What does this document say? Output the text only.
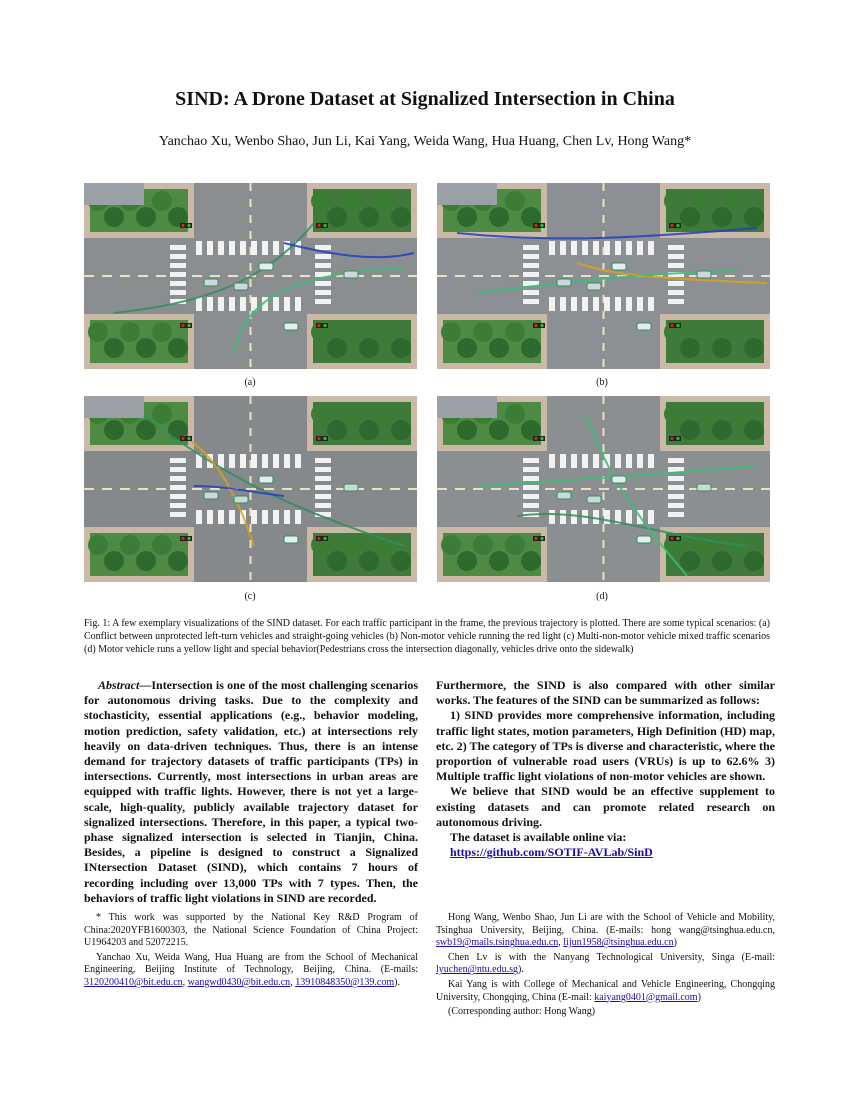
SIND: A Drone Dataset at Signalized Intersection in China
Yanchao Xu, Wenbo Shao, Jun Li, Kai Yang, Weida Wang, Hua Huang, Chen Lv, Hong Wang*
(a)	(b)
(c)	(d)
Fig. 1: A few exemplary visualizations of the SIND dataset. For each traffic participant in the frame, the previous trajectory is plotted. There are some typical scenarios: (a) Conflict between unprotected left-turn vehicles and straight-going vehicles (b) Non-motor vehicle running the red light (c) Multi-non-motor vehicle mixed traffic scenarios (d) Motor vehicle runs a yellow light and special behavior(Pedestrians cross the intersection diagonally, vehicles drive onto the sidewalk)
Abstract—Intersection is one of the most challenging scenarios for autonomous driving tasks. Due to the complexity and stochasticity, essential applications (e.g., behavior modeling, motion prediction, safety validation, etc.) at intersections rely heavily on data-driven techniques. Thus, there is an intense demand for trajectory datasets of traffic participants (TPs) in intersections. Currently, most intersections in urban areas are equipped with traffic lights. However, there is not yet a large-scale, high-quality, publicly available trajectory dataset for signalized intersections. Therefore, in this paper, a typical two-phase signalized intersection is selected in Tianjin, China. Besides, a pipeline is designed to construct a Signalized INtersection Dataset (SIND), which contains 7 hours of recording including over 13,000 TPs with 7 types. Then, the behaviors of traffic light violations in SIND are recorded.

Furthermore, the SIND is also compared with other similar works. The features of the SIND can be summarized as follows:

1) SIND provides more comprehensive information, including traffic light states, motion parameters, High Definition (HD) map, etc. 2) The category of TPs is diverse and characteristic, where the proportion of vulnerable road users (VRUs) is up to 62.6% 3) Multiple traffic light violations of non-motor vehicles are shown.

We believe that SIND would be an effective supplement to existing datasets and can promote related research on autonomous driving.

The dataset is available online via:

https://github.com/SOTIF-AVLab/SinD

* This work was supported by the National Key R&D Program of China:2020YFB1600303, the National Science Foundation of China Project: U1964203 and 52072215.

Yanchao Xu, Weida Wang, Hua Huang are from the School of Mechanical Engineering, Beijing Institute of Technology, Beijing, China. (E-mails: 3120200410@bit.edu.cn, wangwd0430@bit.edu.cn, 13910848350@139.com).

Hong Wang, Wenbo Shao, Jun Li are with the School of Vehicle and Mobility, Tsinghua University, Beijing, China. (E-mails: hong wang@tsinghua.edu.cn, swb19@mails.tsinghua.edu.cn, lijun1958@tsinghua.edu.cn)

Chen Lv is with the Nanyang Technological University, Singa (E-mail: lyuchen@ntu.edu.sg).

Kai Yang is with College of Mechanical and Vehicle Engineering, Chongqing University, Chongqing, China (E-mail: kaiyang0401@gmail.com)

(Corresponding author: Hong Wang)
